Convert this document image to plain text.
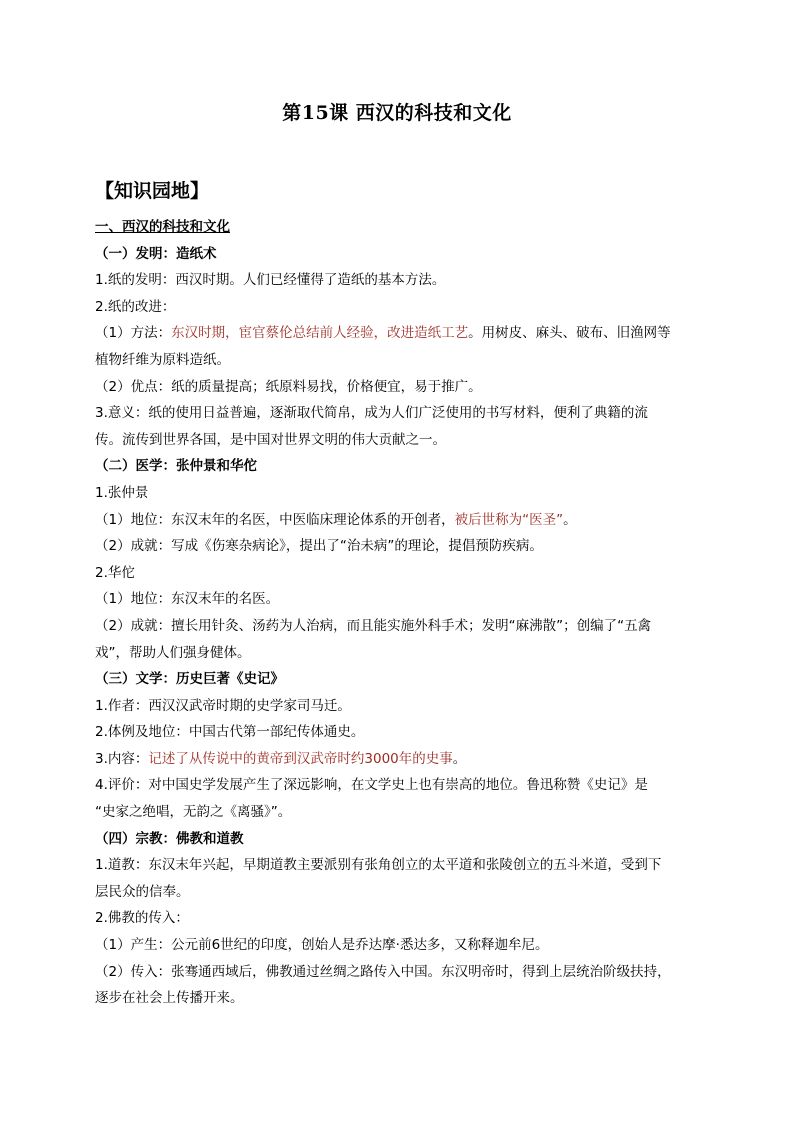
第15课 西汉的科技和文化
【知识园地】

一、西汉的科技和文化

（一）发明：造纸术

1.纸的发明：西汉时期。人们已经懂得了造纸的基本方法。

2.纸的改进：

（1）方法：东汉时期，宦官蔡伦总结前人经验，改进造纸工艺。用树皮、麻头、破布、旧渔网等

植物纤维为原料造纸。

（2）优点：纸的质量提高；纸原料易找，价格便宜，易于推广。

3.意义：纸的使用日益普遍，逐渐取代简帛，成为人们广泛使用的书写材料，便利了典籍的流

传。流传到世界各国，是中国对世界文明的伟大贡献之一。

（二）医学：张仲景和华佗

1.张仲景

（1）地位：东汉末年的名医，中医临床理论体系的开创者，被后世称为“医圣”。

（2）成就：写成《伤寒杂病论》，提出了“治未病”的理论，提倡预防疾病。

2.华佗

（1）地位：东汉末年的名医。

（2）成就：擅长用针灸、汤药为人治病，而且能实施外科手术；发明“麻沸散”；创编了“五禽

戏”，帮助人们强身健体。

（三）文学：历史巨著《史记》

1.作者：西汉汉武帝时期的史学家司马迁。

2.体例及地位：中国古代第一部纪传体通史。

3.内容：记述了从传说中的黄帝到汉武帝时约3000年的史事。

4.评价：对中国史学发展产生了深远影响，在文学史上也有崇高的地位。鲁迅称赞《史记》是

“史家之绝唱，无韵之《离骚》”。

（四）宗教：佛教和道教

1.道教：东汉末年兴起，早期道教主要派别有张角创立的太平道和张陵创立的五斗米道，受到下

层民众的信奉。

2.佛教的传入：

（1）产生：公元前6世纪的印度，创始人是乔达摩·悉达多，又称释迦牟尼。

（2）传入：张骞通西域后，佛教通过丝绸之路传入中国。东汉明帝时，得到上层统治阶级扶持，

逐步在社会上传播开来。
